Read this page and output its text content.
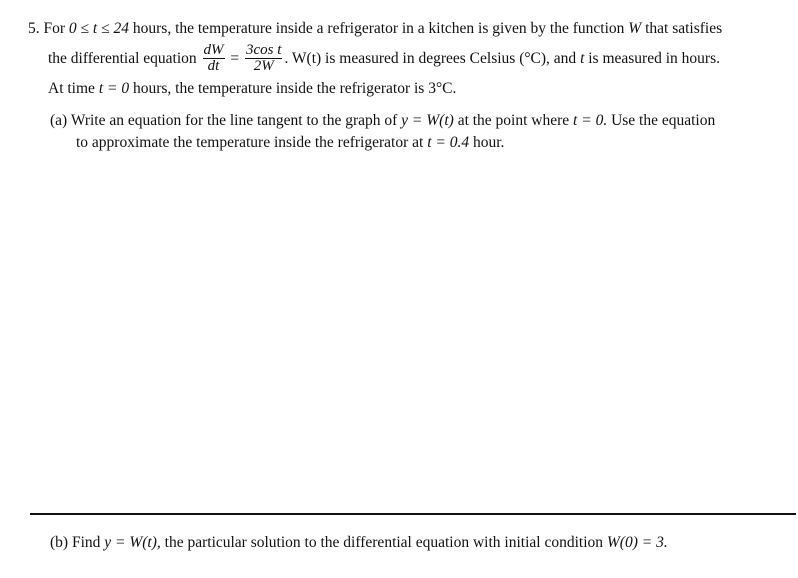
5. For 0 ≤ t ≤ 24 hours, the temperature inside a refrigerator in a kitchen is given by the function W that satisfies
the differential equation $\frac{dW}{dt} = \frac{\text{3cos t}}{2W}$ . W(t) is measured in degrees Celsius (°C), and t is measured in hours.
At time t = 0 hours, the temperature inside the refrigerator is 3°C.
(a) Write an equation for the line tangent to the graph of y = W(t) at the point where t = 0. Use the equation
to approximate the temperature inside the refrigerator at t = 0.4 hour.
(b) Find y = W(t), the particular solution to the differential equation with initial condition W(0) = 3.
